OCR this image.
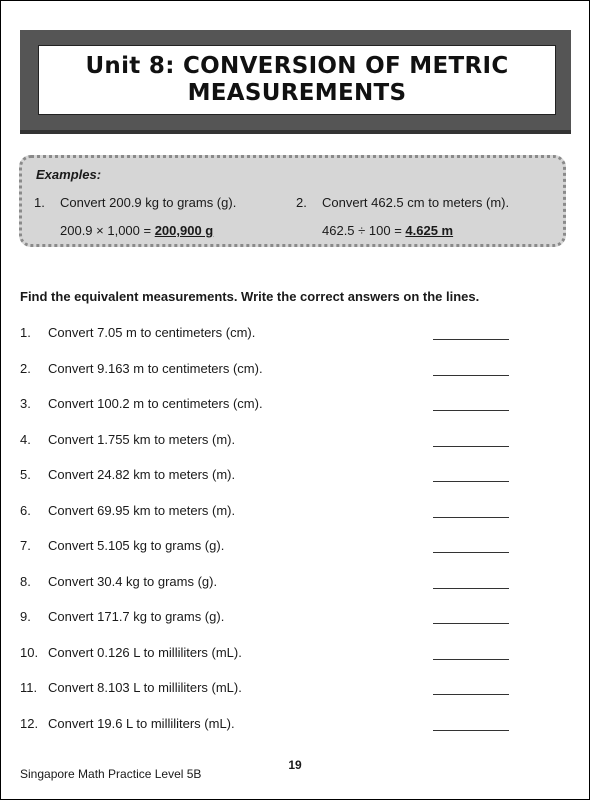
Unit 8: CONVERSION OF METRIC
MEASUREMENTS
Examples:
1. Convert 200.9 kg to grams (g).
200.9 × 1,000 = 200,900 g
2. Convert 462.5 cm to meters (m).
462.5 ÷ 100 = 4.625 m
Find the equivalent measurements. Write the correct answers on the lines.
1. Convert 7.05 m to centimeters (cm).
2. Convert 9.163 m to centimeters (cm).
3. Convert 100.2 m to centimeters (cm).
4. Convert 1.755 km to meters (m).
5. Convert 24.82 km to meters (m).
6. Convert 69.95 km to meters (m).
7. Convert 5.105 kg to grams (g).
8. Convert 30.4 kg to grams (g).
9. Convert 171.7 kg to grams (g).
10. Convert 0.126 L to milliliters (mL).
11. Convert 8.103 L to milliliters (mL).
12. Convert 19.6 L to milliliters (mL).
19
Singapore Math Practice Level 5B
